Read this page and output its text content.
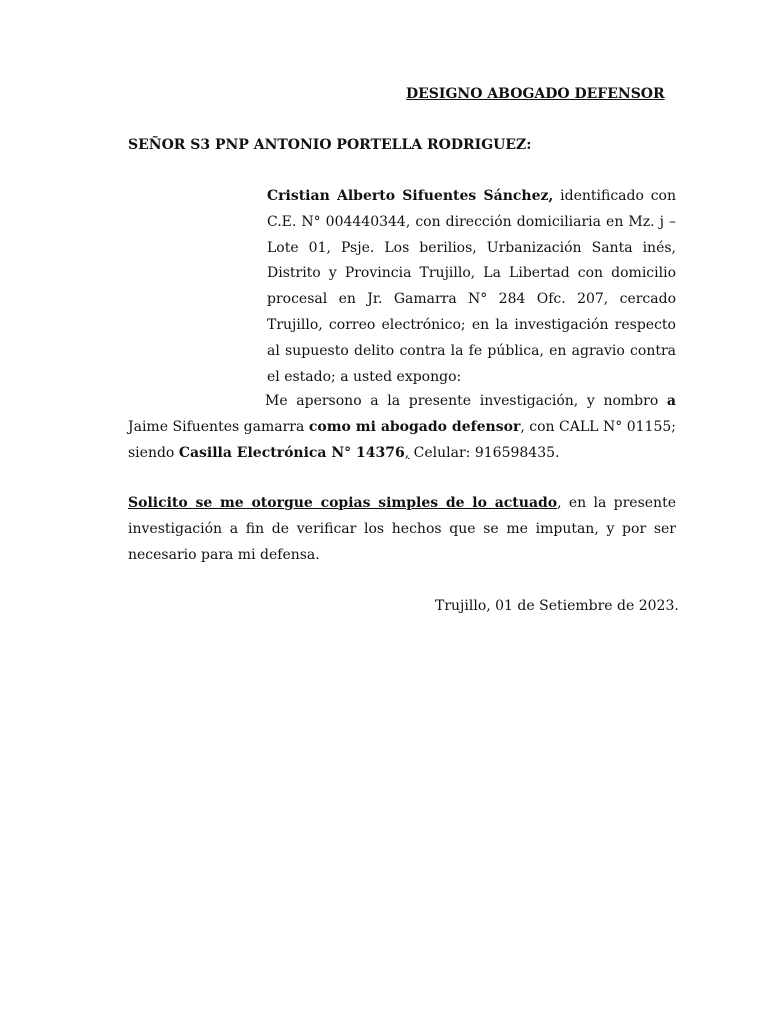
DESIGNO ABOGADO DEFENSOR
SEÑOR S3 PNP ANTONIO PORTELLA RODRIGUEZ:
Cristian Alberto Sifuentes Sánchez, identificado con C.E. N° 004440344, con dirección domiciliaria en Mz. j – Lote 01, Psje. Los berilios, Urbanización Santa inés, Distrito y Provincia Trujillo, La Libertad con domicilio procesal en Jr. Gamarra N° 284 Ofc. 207, cercado Trujillo, correo electrónico; en la investigación respecto al supuesto delito contra la fe pública, en agravio contra el estado; a usted expongo:
Me apersono a la presente investigación, y nombro a Jaime Sifuentes gamarra como mi abogado defensor, con CALL N° 01155; siendo Casilla Electrónica N° 14376, Celular: 916598435.
Solicito se me otorgue copias simples de lo actuado, en la presente investigación a fin de verificar los hechos que se me imputan, y por ser necesario para mi defensa.
Trujillo, 01 de Setiembre de 2023.
